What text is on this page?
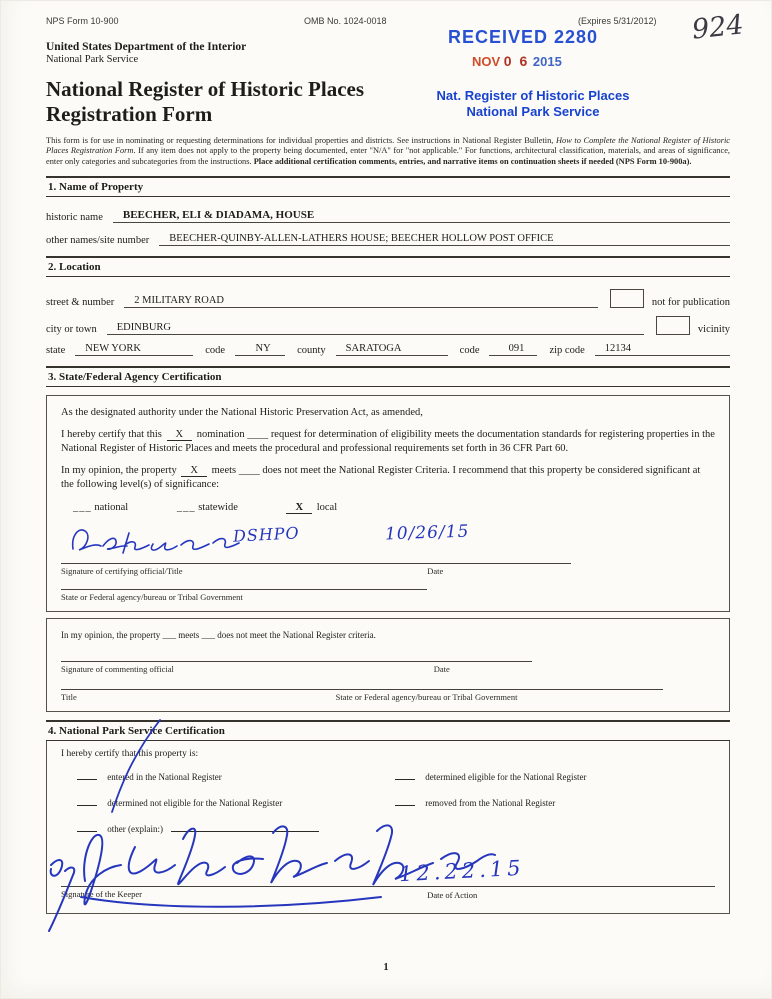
924
RECEIVED 2280
NOV 0 6 2015
Nat. Register of Historic Places
National Park Service
NPS Form 10-900	OMB No. 1024-0018	(Expires 5/31/2012)
United States Department of the Interior
National Park Service
National Register of Historic Places
Registration Form

This form is for use in nominating or requesting determinations for individual properties and districts. See instructions in National Register Bulletin, How to Complete the National Register of Historic Places Registration Form. If any item does not apply to the property being documented, enter "N/A" for "not applicable." For functions, architectural classification, materials, and areas of significance, enter only categories and subcategories from the instructions. Place additional certification comments, entries, and narrative items on continuation sheets if needed (NPS Form 10-900a).

1. Name of Property
historic name	BEECHER, ELI & DIADAMA, HOUSE
other names/site number	BEECHER-QUINBY-ALLEN-LATHERS HOUSE; BEECHER HOLLOW POST OFFICE
2. Location
street & number	2 MILITARY ROAD	not for publication
city or town	EDINBURG	vicinity
state	NEW YORK	code	NY	county	SARATOGA	code	091	zip code	12134
3. State/Federal Agency Certification

As the designated authority under the National Historic Preservation Act, as amended,

I hereby certify that this X nomination ____ request for determination of eligibility meets the documentation standards for registering properties in the National Register of Historic Places and meets the procedural and professional requirements set forth in 36 CFR Part 60.

In my opinion, the property X meets ____ does not meet the National Register Criteria. I recommend that this property be considered significant at the following level(s) of significance:

___ national	___ statewide	X local
DSHPO	10/26/15
Signature of certifying official/Title	Date
State or Federal agency/bureau or Tribal Government

In my opinion, the property ___ meets ___ does not meet the National Register criteria.

Signature of commenting official	Date
Title	State or Federal agency/bureau or Tribal Government
4. National Park Service Certification

I hereby certify that this property is:

entered in the National Register	determined eligible for the National Register
determined not eligible for the National Register	removed from the National Register
other (explain:)
12.22.15
Signature of the Keeper	Date of Action
1
